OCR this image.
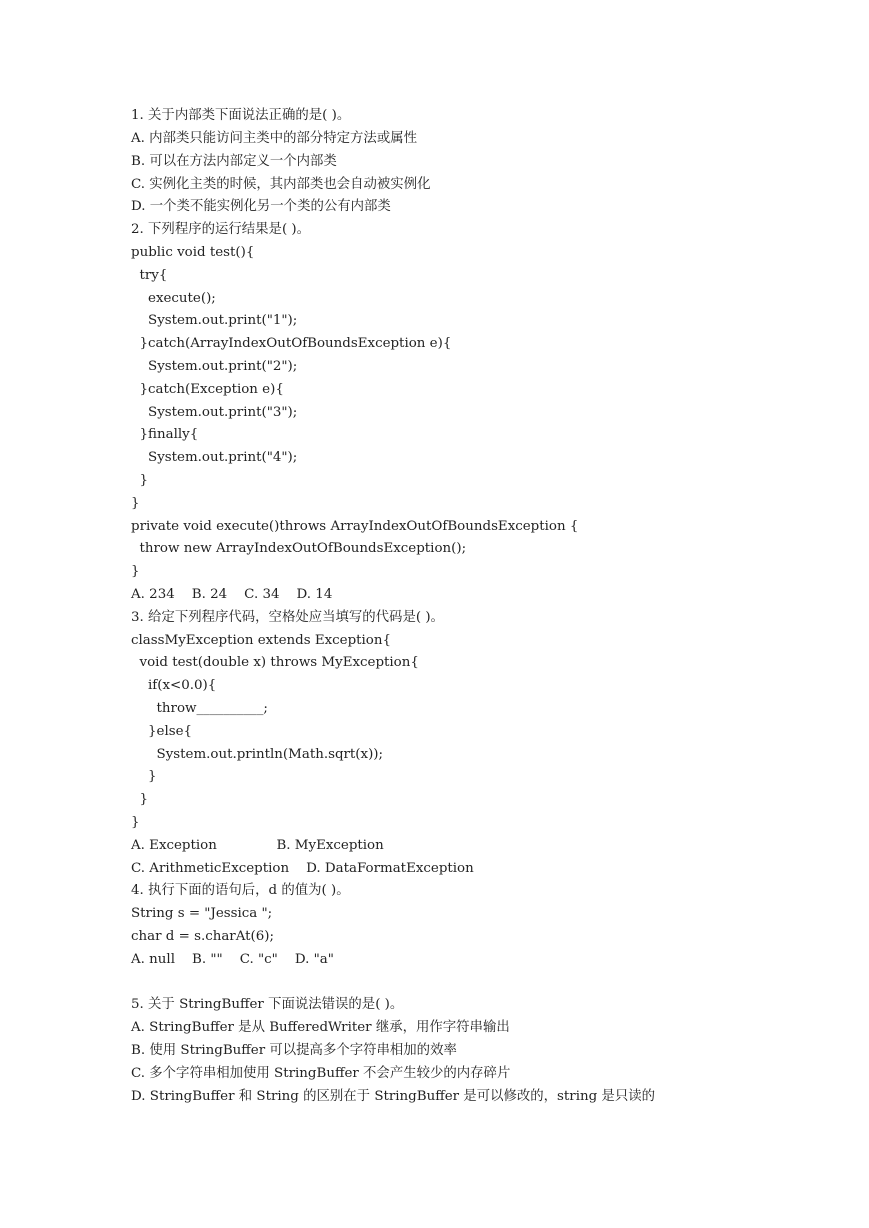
1. 关于内部类下面说法正确的是( )。
A. 内部类只能访问主类中的部分特定方法或属性
B. 可以在方法内部定义一个内部类
C. 实例化主类的时候，其内部类也会自动被实例化
D. 一个类不能实例化另一个类的公有内部类
2. 下列程序的运行结果是( )。
public void test(){
try{
execute();
System.out.print("1");
}catch(ArrayIndexOutOfBoundsException e){
System.out.print("2");
}catch(Exception e){
System.out.print("3");
}finally{
System.out.print("4");
}
}
private void execute()throws ArrayIndexOutOfBoundsException {
throw new ArrayIndexOutOfBoundsException();
}
A. 234    B. 24    C. 34    D. 14
3. 给定下列程序代码，空格处应当填写的代码是( )。
classMyException extends Exception{
void test(double x) throws MyException{
if(x<0.0){
throw__________;
}else{
System.out.println(Math.sqrt(x));
}
}
}
A. Exception              B. MyException
C. ArithmeticException    D. DataFormatException
4. 执行下面的语句后，d 的值为( )。
String s = "Jessica ";
char d = s.charAt(6);
A. null    B. ""    C. "c"    D. "a"
5. 关于 StringBuffer 下面说法错误的是( )。
A. StringBuffer 是从 BufferedWriter 继承，用作字符串输出
B. 使用 StringBuffer 可以提高多个字符串相加的效率
C. 多个字符串相加使用 StringBuffer 不会产生较少的内存碎片
D. StringBuffer 和 String 的区别在于 StringBuffer 是可以修改的，string 是只读的
